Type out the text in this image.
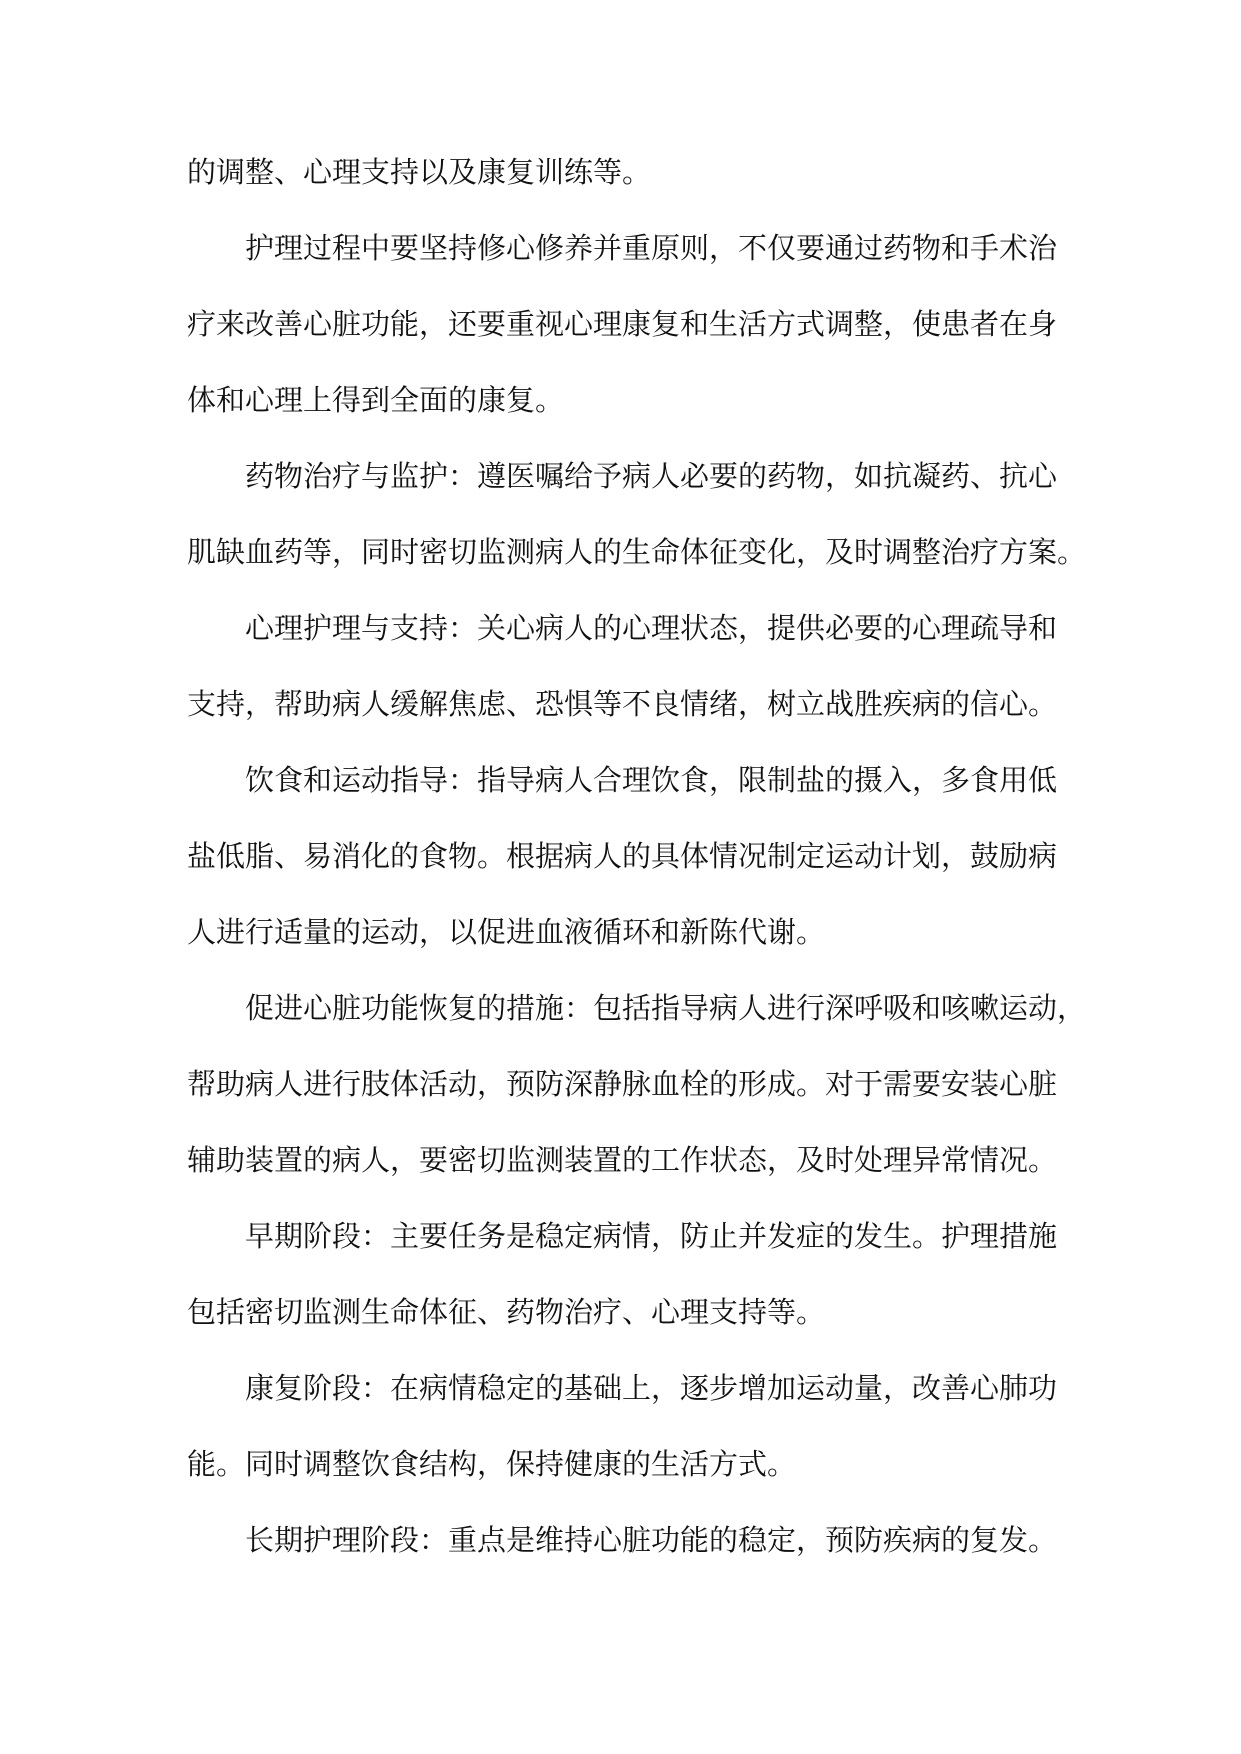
的调整、心理支持以及康复训练等。
护理过程中要坚持修心修养并重原则，不仅要通过药物和手术治
疗来改善心脏功能，还要重视心理康复和生活方式调整，使患者在身
体和心理上得到全面的康复。
药物治疗与监护：遵医嘱给予病人必要的药物，如抗凝药、抗心
肌缺血药等，同时密切监测病人的生命体征变化，及时调整治疗方案。
心理护理与支持：关心病人的心理状态，提供必要的心理疏导和
支持，帮助病人缓解焦虑、恐惧等不良情绪，树立战胜疾病的信心。
饮食和运动指导：指导病人合理饮食，限制盐的摄入，多食用低
盐低脂、易消化的食物。根据病人的具体情况制定运动计划，鼓励病
人进行适量的运动，以促进血液循环和新陈代谢。
促进心脏功能恢复的措施：包括指导病人进行深呼吸和咳嗽运动，
帮助病人进行肢体活动，预防深静脉血栓的形成。对于需要安装心脏
辅助装置的病人，要密切监测装置的工作状态，及时处理异常情况。
早期阶段：主要任务是稳定病情，防止并发症的发生。护理措施
包括密切监测生命体征、药物治疗、心理支持等。
康复阶段：在病情稳定的基础上，逐步增加运动量，改善心肺功
能。同时调整饮食结构，保持健康的生活方式。
长期护理阶段：重点是维持心脏功能的稳定，预防疾病的复发。
